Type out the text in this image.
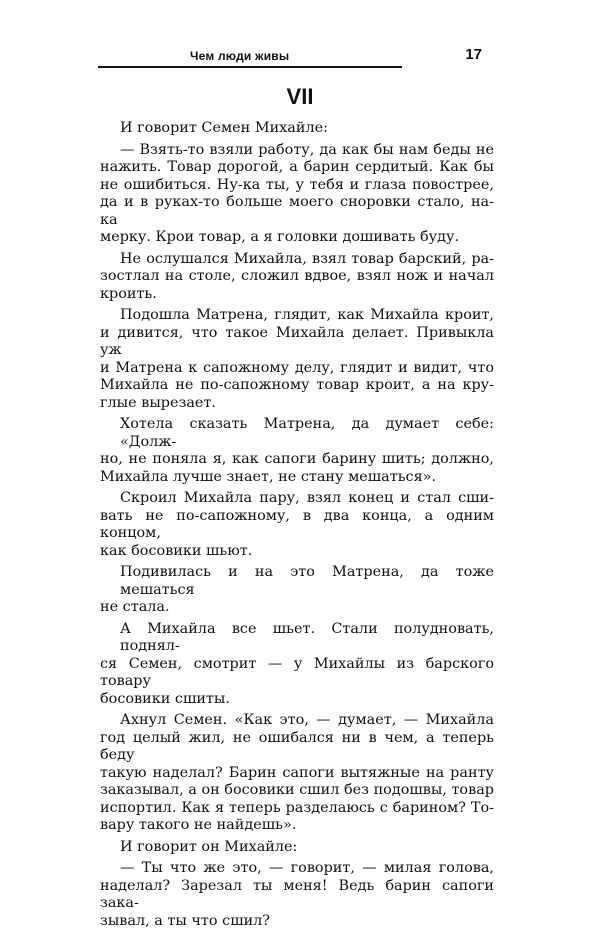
Чем люди живы	17
VII
И говорит Семен Михайле:
— Взять-то взяли работу, да как бы нам беды не
нажить. Товар дорогой, а барин сердитый. Как бы
не ошибиться. Ну-ка ты, у тебя и глаза повострее,
да и в руках-то больше моего сноровки стало, на-ка
мерку. Крои товар, а я головки дошивать буду.
Не ослушался Михайла, взял товар барский, ра-
зостлал на столе, сложил вдвое, взял нож и начал
кроить.
Подошла Матрена, глядит, как Михайла кроит,
и дивится, что такое Михайла делает. Привыкла уж
и Матрена к сапожному делу, глядит и видит, что
Михайла не по-сапожному товар кроит, а на кру-
глые вырезает.
Хотела сказать Матрена, да думает себе: «Долж-
но, не поняла я, как сапоги барину шить; должно,
Михайла лучше знает, не стану мешаться».
Скроил Михайла пару, взял конец и стал сши-
вать не по-сапожному, в два конца, а одним концом,
как босовики шьют.
Подивилась и на это Матрена, да тоже мешаться
не стала.
А Михайла все шьет. Стали полудновать, поднял-
ся Семен, смотрит — у Михайлы из барского товару
босовики сшиты.
Ахнул Семен. «Как это, — думает, — Михайла
год целый жил, не ошибался ни в чем, а теперь беду
такую наделал? Барин сапоги вытяжные на ранту
заказывал, а он босовики сшил без подошвы, товар
испортил. Как я теперь разделаюсь с барином? То-
вару такого не найдешь».
И говорит он Михайле:
— Ты что же это, — говорит, — милая голова,
наделал? Зарезал ты меня! Ведь барин сапоги зака-
зывал, а ты что сшил?
